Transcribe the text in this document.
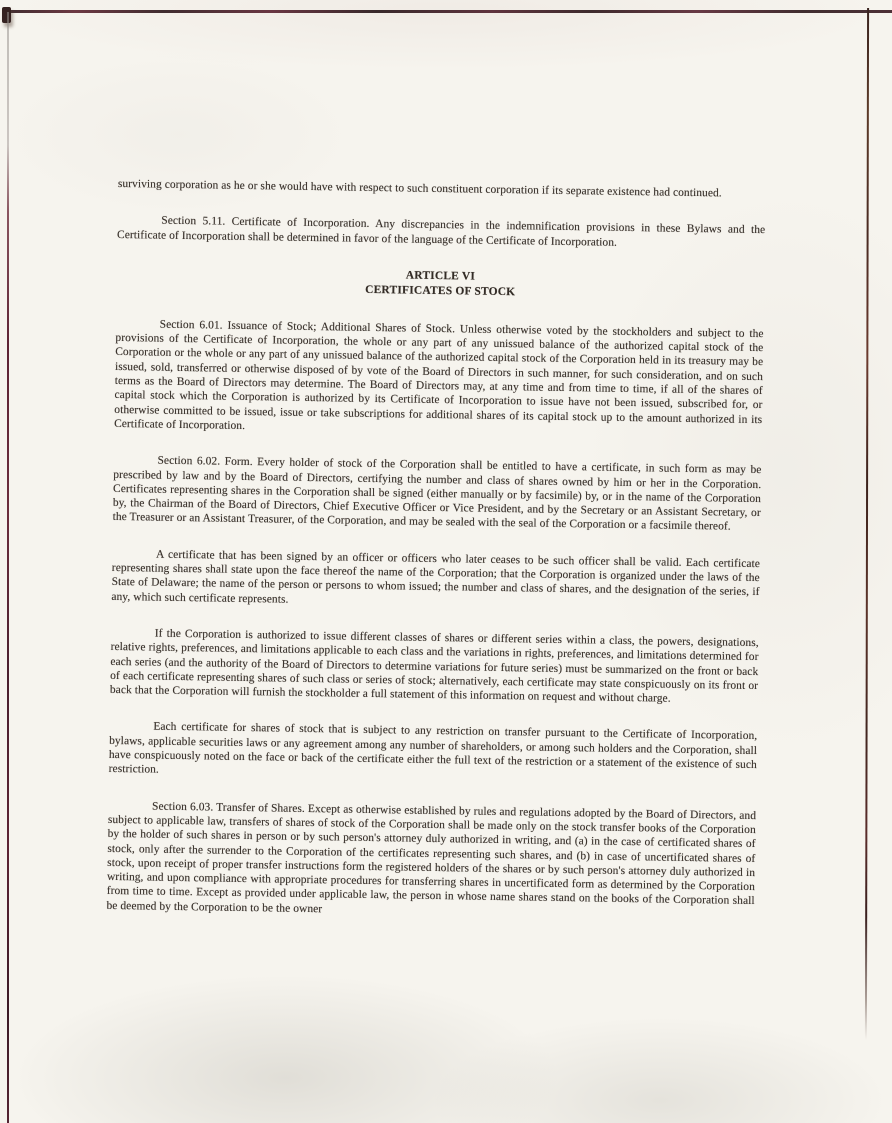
surviving corporation as he or she would have with respect to such constituent corporation if its separate existence had continued.

Section 5.11. Certificate of Incorporation. Any discrepancies in the indemnification provisions in these Bylaws and the Certificate of Incorporation shall be determined in favor of the language of the Certificate of Incorporation.

ARTICLE VI
CERTIFICATES OF STOCK

Section 6.01. Issuance of Stock; Additional Shares of Stock. Unless otherwise voted by the stockholders and subject to the provisions of the Certificate of Incorporation, the whole or any part of any unissued balance of the authorized capital stock of the Corporation or the whole or any part of any unissued balance of the authorized capital stock of the Corporation held in its treasury may be issued, sold, transferred or otherwise disposed of by vote of the Board of Directors in such manner, for such consideration, and on such terms as the Board of Directors may determine. The Board of Directors may, at any time and from time to time, if all of the shares of capital stock which the Corporation is authorized by its Certificate of Incorporation to issue have not been issued, subscribed for, or otherwise committed to be issued, issue or take subscriptions for additional shares of its capital stock up to the amount authorized in its Certificate of Incorporation.

Section 6.02. Form. Every holder of stock of the Corporation shall be entitled to have a certificate, in such form as may be prescribed by law and by the Board of Directors, certifying the number and class of shares owned by him or her in the Corporation. Certificates representing shares in the Corporation shall be signed (either manually or by facsimile) by, or in the name of the Corporation by, the Chairman of the Board of Directors, Chief Executive Officer or Vice President, and by the Secretary or an Assistant Secretary, or the Treasurer or an Assistant Treasurer, of the Corporation, and may be sealed with the seal of the Corporation or a facsimile thereof.

A certificate that has been signed by an officer or officers who later ceases to be such officer shall be valid. Each certificate representing shares shall state upon the face thereof the name of the Corporation; that the Corporation is organized under the laws of the State of Delaware; the name of the person or persons to whom issued; the number and class of shares, and the designation of the series, if any, which such certificate represents.

If the Corporation is authorized to issue different classes of shares or different series within a class, the powers, designations, relative rights, preferences, and limitations applicable to each class and the variations in rights, preferences, and limitations determined for each series (and the authority of the Board of Directors to determine variations for future series) must be summarized on the front or back of each certificate representing shares of such class or series of stock; alternatively, each certificate may state conspicuously on its front or back that the Corporation will furnish the stockholder a full statement of this information on request and without charge.

Each certificate for shares of stock that is subject to any restriction on transfer pursuant to the Certificate of Incorporation, bylaws, applicable securities laws or any agreement among any number of shareholders, or among such holders and the Corporation, shall have conspicuously noted on the face or back of the certificate either the full text of the restriction or a statement of the existence of such restriction.

Section 6.03. Transfer of Shares. Except as otherwise established by rules and regulations adopted by the Board of Directors, and subject to applicable law, transfers of shares of stock of the Corporation shall be made only on the stock transfer books of the Corporation by the holder of such shares in person or by such person's attorney duly authorized in writing, and (a) in the case of certificated shares of stock, only after the surrender to the Corporation of the certificates representing such shares, and (b) in case of uncertificated shares of stock, upon receipt of proper transfer instructions form the registered holders of the shares or by such person's attorney duly authorized in writing, and upon compliance with appropriate procedures for transferring shares in uncertificated form as determined by the Corporation from time to time. Except as provided under applicable law, the person in whose name shares stand on the books of the Corporation shall be deemed by the Corporation to be the owner
